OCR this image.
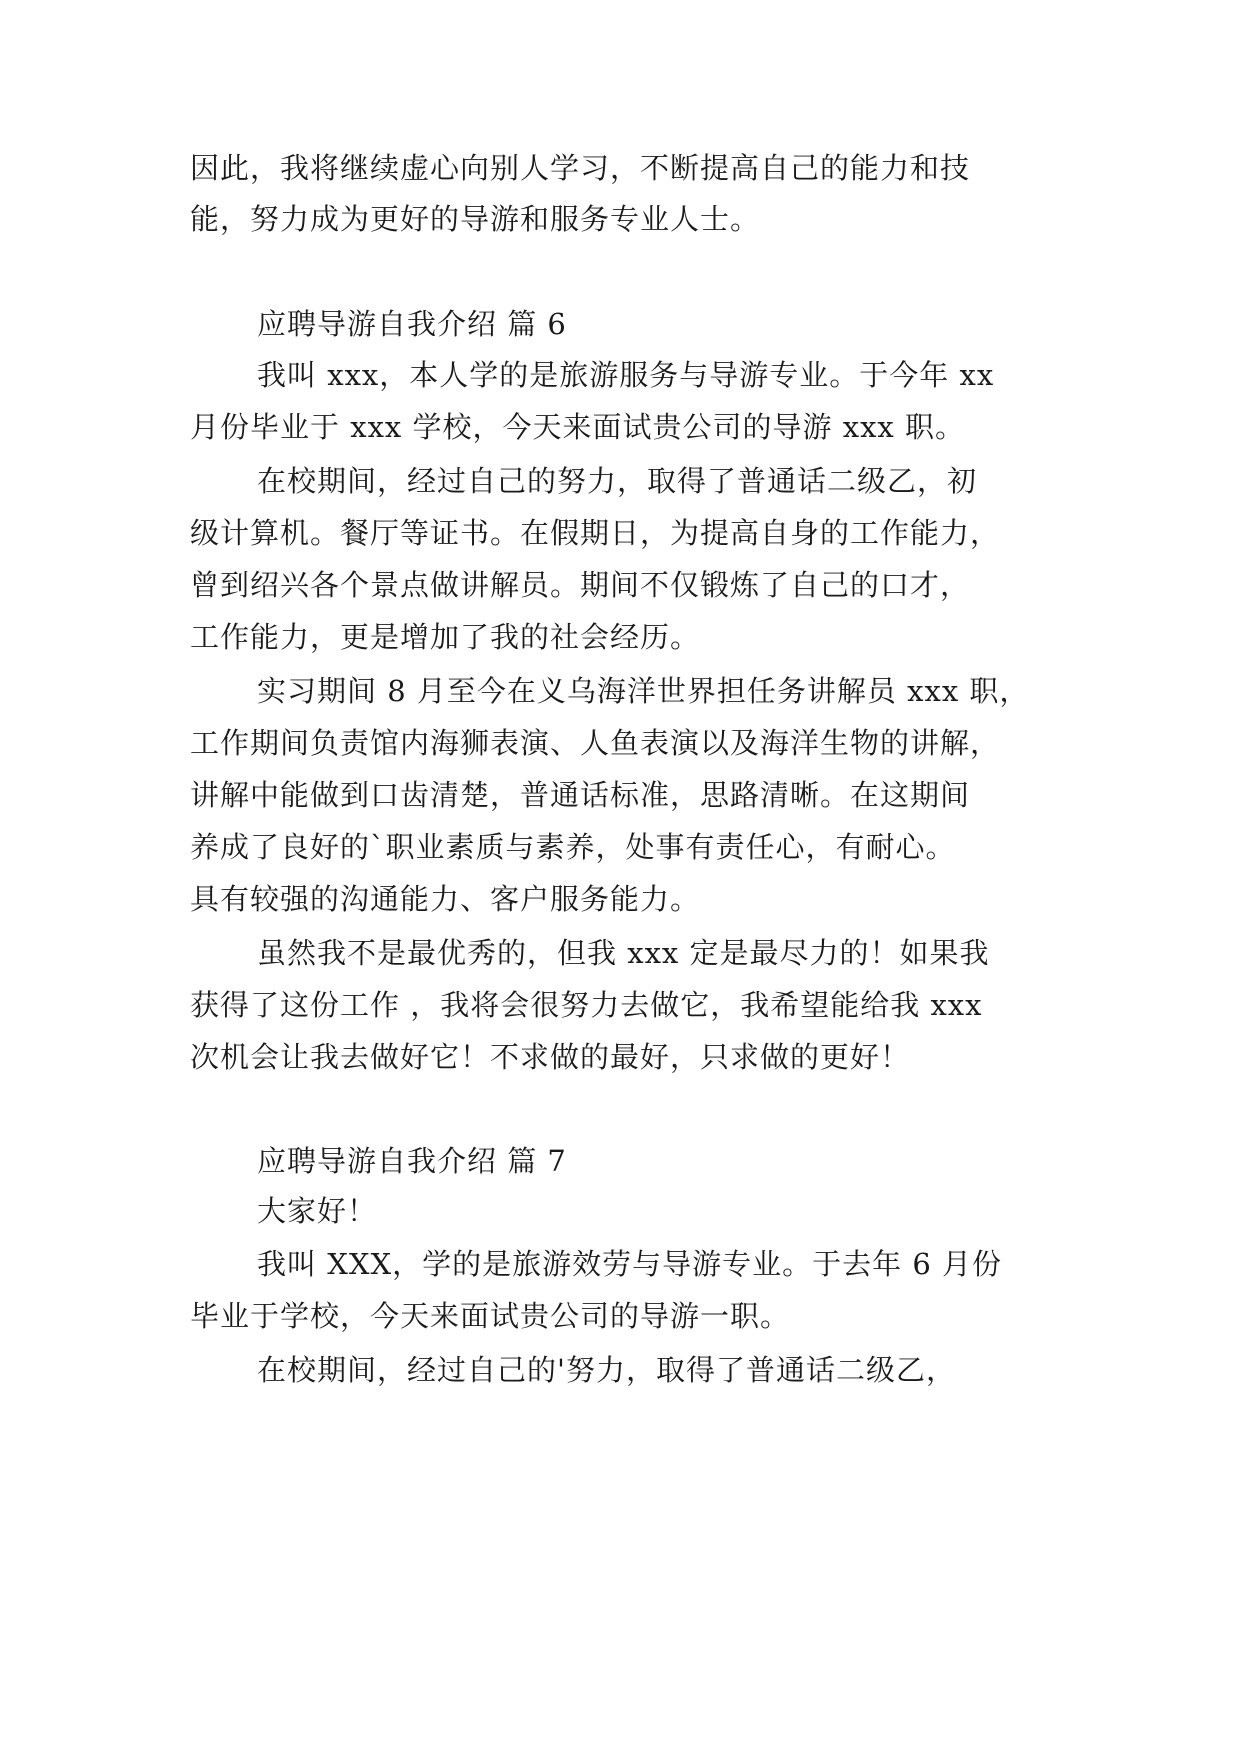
因此，我将继续虚心向别人学习，不断提高自己的能力和技
能，努力成为更好的导游和服务专业人士。
应聘导游自我介绍 篇 6
我叫 xxx，本人学的是旅游服务与导游专业。于今年 xx
月份毕业于 xxx 学校，今天来面试贵公司的导游 xxx 职。
在校期间，经过自己的努力，取得了普通话二级乙，初
级计算机。餐厅等证书。在假期日，为提高自身的工作能力，
曾到绍兴各个景点做讲解员。期间不仅锻炼了自己的口才，
工作能力，更是增加了我的社会经历。
实习期间 8 月至今在义乌海洋世界担任务讲解员 xxx 职，
工作期间负责馆内海狮表演、人鱼表演以及海洋生物的讲解，
讲解中能做到口齿清楚，普通话标准，思路清晰。在这期间
养成了良好的`职业素质与素养，处事有责任心，有耐心。
具有较强的沟通能力、客户服务能力。
虽然我不是最优秀的，但我 xxx 定是最尽力的！如果我
获得了这份工作 ，我将会很努力去做它，我希望能给我 xxx
次机会让我去做好它！不求做的最好，只求做的更好！
应聘导游自我介绍 篇 7
大家好！
我叫 XXX，学的是旅游效劳与导游专业。于去年 6 月份
毕业于学校，今天来面试贵公司的导游一职。
在校期间，经过自己的'努力，取得了普通话二级乙，
